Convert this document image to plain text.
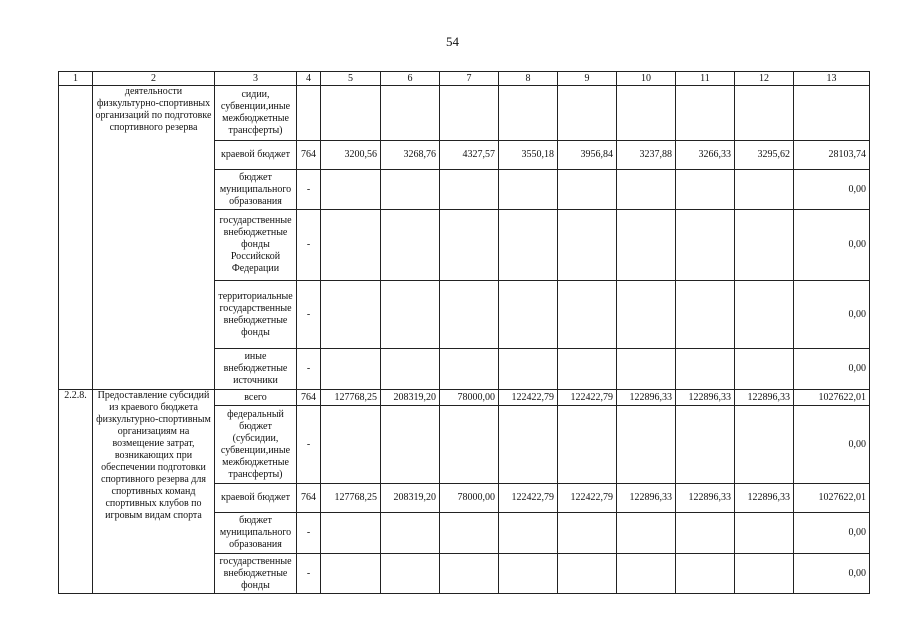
54
1	2	3	4	5	6	7	8	9	10	11	12	13
	деятельности физкультурно-спортивных организаций по подготовке спортивного резерва	сидии, субвенции,иные межбюджетные трансферты)										
		краевой бюджет	764	3200,56	3268,76	4327,57	3550,18	3956,84	3237,88	3266,33	3295,62	28103,74
		бюджет муниципального образования	-									0,00
		государственные внебюджетные фонды Российской Федерации	-									0,00
		территориальные государственные внебюджетные фонды	-									0,00
		иные внебюджетные источники	-									0,00
2.2.8.	Предоставление субсидий из краевого бюджета физкультурно-спортивным организациям на возмещение затрат, возникающих при обеспечении подготовки спортивного резерва для спортивных команд спортивных клубов по игровым видам спорта	всего	764	127768,25	208319,20	78000,00	122422,79	122422,79	122896,33	122896,33	122896,33	1027622,01
		федеральный бюджет (субсидии, субвенции,иные межбюджетные трансферты)	-									0,00
		краевой бюджет	764	127768,25	208319,20	78000,00	122422,79	122422,79	122896,33	122896,33	122896,33	1027622,01
		бюджет муниципального образования	-									0,00
		государственные внебюджетные фонды	-									0,00
